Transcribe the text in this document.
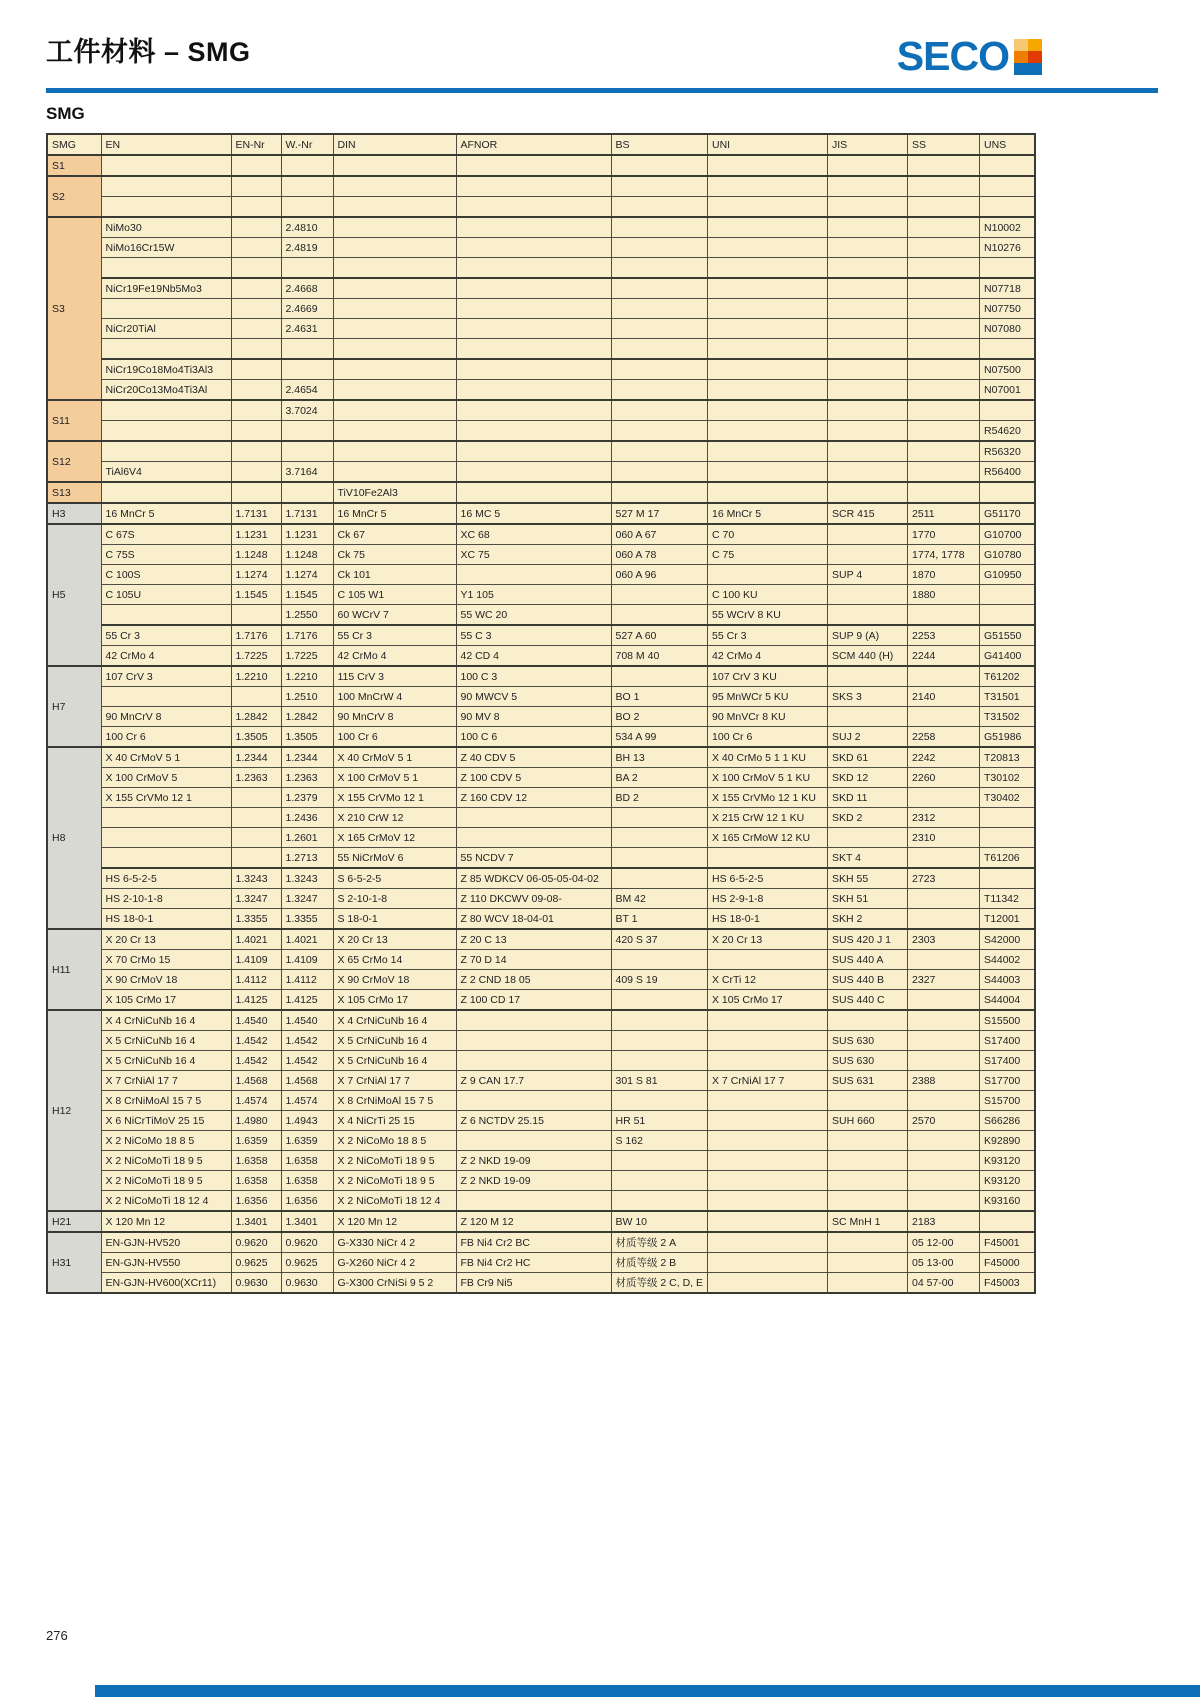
工件材料 – SMG	SECO
SMG
SMG	EN	EN-Nr	W.-Nr	DIN	AFNOR	BS	UNI	JIS	SS	UNS
S1										
S2										

S3	NiMo30		2.4810							N10002
	NiMo16Cr15W		2.4819							N10276

	NiCr19Fe19Nb5Mo3		2.4668							N07718
			2.4669							N07750
	NiCr20TiAl		2.4631							N07080

	NiCr19Co18Mo4Ti3Al3									N07500
	NiCr20Co13Mo4Ti3Al		2.4654							N07001
S11			3.7024							
										R54620
S12										R56320
	TiAl6V4		3.7164							R56400
S13				TiV10Fe2Al3						
H3	16 MnCr 5	1.7131	1.7131	16 MnCr 5	16 MC 5	527 M 17	16 MnCr 5	SCR 415	2511	G51170
H5	C 67S	1.1231	1.1231	Ck 67	XC 68	060 A 67	C 70		1770	G10700
	C 75S	1.1248	1.1248	Ck 75	XC 75	060 A 78	C 75		1774, 1778	G10780
	C 100S	1.1274	1.1274	Ck 101		060 A 96		SUP 4	1870	G10950
	C 105U	1.1545	1.1545	C 105 W1	Y1 105		C 100 KU		1880	
			1.2550	60 WCrV 7	55 WC 20		55 WCrV 8 KU			
	55 Cr 3	1.7176	1.7176	55 Cr 3	55 C 3	527 A 60	55 Cr 3	SUP 9 (A)	2253	G51550
	42 CrMo 4	1.7225	1.7225	42 CrMo 4	42 CD 4	708 M 40	42 CrMo 4	SCM 440 (H)	2244	G41400
H7	107 CrV 3	1.2210	1.2210	115 CrV 3	100 C 3		107 CrV 3 KU			T61202
			1.2510	100 MnCrW 4	90 MWCV 5	BO 1	95 MnWCr 5 KU	SKS 3	2140	T31501
	90 MnCrV 8	1.2842	1.2842	90 MnCrV 8	90 MV 8	BO 2	90 MnVCr 8 KU			T31502
	100 Cr 6	1.3505	1.3505	100 Cr 6	100 C 6	534 A 99	100 Cr 6	SUJ 2	2258	G51986
H8	X 40 CrMoV 5 1	1.2344	1.2344	X 40 CrMoV 5 1	Z 40 CDV 5	BH 13	X 40 CrMo 5 1 1 KU	SKD 61	2242	T20813
	X 100 CrMoV 5	1.2363	1.2363	X 100 CrMoV 5 1	Z 100 CDV 5	BA 2	X 100 CrMoV 5 1 KU	SKD 12	2260	T30102
	X 155 CrVMo 12 1		1.2379	X 155 CrVMo 12 1	Z 160 CDV 12	BD 2	X 155 CrVMo 12 1 KU	SKD 11		T30402
			1.2436	X 210 CrW 12			X 215 CrW 12 1 KU	SKD 2	2312	
			1.2601	X 165 CrMoV 12			X 165 CrMoW 12 KU		2310	
			1.2713	55 NiCrMoV 6	55 NCDV 7			SKT 4		T61206
	HS 6-5-2-5	1.3243	1.3243	S 6-5-2-5	Z 85 WDKCV 06-05-05-04-02		HS 6-5-2-5	SKH 55	2723	
	HS 2-10-1-8	1.3247	1.3247	S 2-10-1-8	Z 110 DKCWV 09-08-	BM 42	HS 2-9-1-8	SKH 51		T11342
	HS 18-0-1	1.3355	1.3355	S 18-0-1	Z 80 WCV 18-04-01	BT 1	HS 18-0-1	SKH 2		T12001
H11	X 20 Cr 13	1.4021	1.4021	X 20 Cr 13	Z 20 C 13	420 S 37	X 20 Cr 13	SUS 420 J 1	2303	S42000
	X 70 CrMo 15	1.4109	1.4109	X 65 CrMo 14	Z 70 D 14			SUS 440 A		S44002
	X 90 CrMoV 18	1.4112	1.4112	X 90 CrMoV 18	Z 2 CND 18 05	409 S 19	X CrTi 12	SUS 440 B	2327	S44003
	X 105 CrMo 17	1.4125	1.4125	X 105 CrMo 17	Z 100 CD 17		X 105 CrMo 17	SUS 440 C		S44004
H12	X 4 CrNiCuNb 16 4	1.4540	1.4540	X 4 CrNiCuNb 16 4						S15500
	X 5 CrNiCuNb 16 4	1.4542	1.4542	X 5 CrNiCuNb 16 4				SUS 630		S17400
	X 5 CrNiCuNb 16 4	1.4542	1.4542	X 5 CrNiCuNb 16 4				SUS 630		S17400
	X 7 CrNiAl 17 7	1.4568	1.4568	X 7 CrNiAl 17 7	Z 9 CAN 17.7	301 S 81	X 7 CrNiAl 17 7	SUS 631	2388	S17700
	X 8 CrNiMoAl 15 7 5	1.4574	1.4574	X 8 CrNiMoAl 15 7 5						S15700
	X 6 NiCrTiMoV 25 15	1.4980	1.4943	X 4 NiCrTi 25 15	Z 6 NCTDV 25.15	HR 51		SUH 660	2570	S66286
	X 2 NiCoMo 18 8 5	1.6359	1.6359	X 2 NiCoMo 18 8 5		S 162				K92890
	X 2 NiCoMoTi 18 9 5	1.6358	1.6358	X 2 NiCoMoTi 18 9 5	Z 2 NKD 19-09					K93120
	X 2 NiCoMoTi 18 9 5	1.6358	1.6358	X 2 NiCoMoTi 18 9 5	Z 2 NKD 19-09					K93120
	X 2 NiCoMoTi 18 12 4	1.6356	1.6356	X 2 NiCoMoTi 18 12 4						K93160
H21	X 120 Mn 12	1.3401	1.3401	X 120 Mn 12	Z 120 M 12	BW 10		SC MnH 1	2183	
H31	EN-GJN-HV520	0.9620	0.9620	G-X330 NiCr 4 2	FB Ni4 Cr2 BC	材质等级 2 A			05 12-00	F45001
	EN-GJN-HV550	0.9625	0.9625	G-X260 NiCr 4 2	FB Ni4 Cr2 HC	材质等级 2 B			05 13-00	F45000
	EN-GJN-HV600(XCr11)	0.9630	0.9630	G-X300 CrNiSi 9 5 2	FB Cr9 Ni5	材质等级 2 C, D, E			04 57-00	F45003
276
